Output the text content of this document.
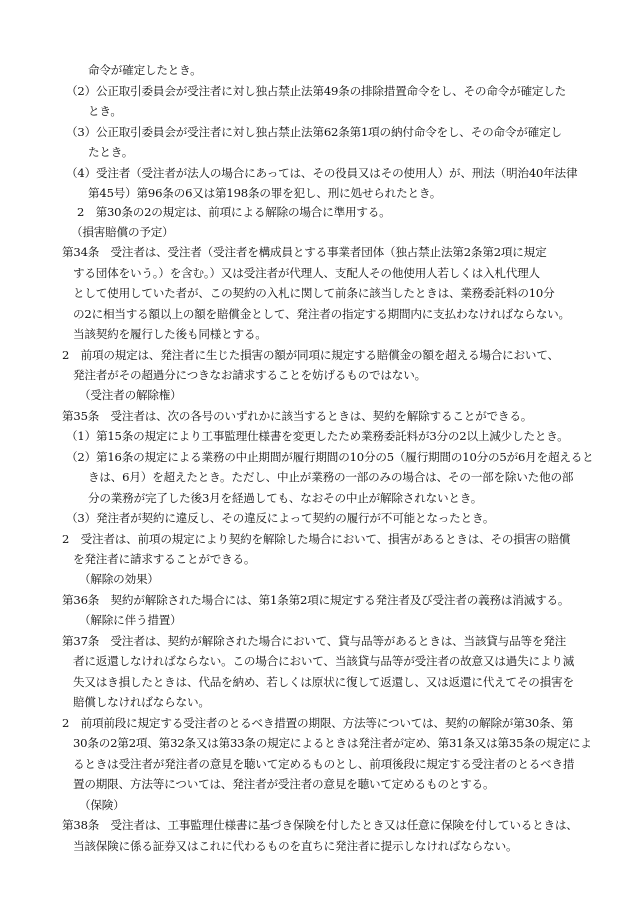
命令が確定したとき。
（2）公正取引委員会が受注者に対し独占禁止法第49条の排除措置命令をし、その命令が確定した
とき。
（3）公正取引委員会が受注者に対し独占禁止法第62条第1項の納付命令をし、その命令が確定し
たとき。
（4）受注者（受注者が法人の場合にあっては、その役員又はその使用人）が、刑法（明治40年法律
第45号）第96条の6又は第198条の罪を犯し、刑に処せられたとき。
2　第30条の2の規定は、前項による解除の場合に準用する。
（損害賠償の予定）
第34条　受注者は、受注者（受注者を構成員とする事業者団体（独占禁止法第2条第2項に規定
する団体をいう。）を含む。）又は受注者が代理人、支配人その他使用人若しくは入札代理人
として使用していた者が、この契約の入札に関して前条に該当したときは、業務委託料の10分
の2に相当する額以上の額を賠償金として、発注者の指定する期間内に支払わなければならない。
当該契約を履行した後も同様とする。
2　前項の規定は、発注者に生じた損害の額が同項に規定する賠償金の額を超える場合において、
発注者がその超過分につきなお請求することを妨げるものではない。
（受注者の解除権）
第35条　受注者は、次の各号のいずれかに該当するときは、契約を解除することができる。
（1）第15条の規定により工事監理仕様書を変更したため業務委託料が3分の2以上減少したとき。
（2）第16条の規定による業務の中止期間が履行期間の10分の5（履行期間の10分の5が6月を超えると
きは、6月）を超えたとき。ただし、中止が業務の一部のみの場合は、その一部を除いた他の部
分の業務が完了した後3月を経過しても、なおその中止が解除されないとき。
（3）発注者が契約に違反し、その違反によって契約の履行が不可能となったとき。
2　受注者は、前項の規定により契約を解除した場合において、損害があるときは、その損害の賠償
を発注者に請求することができる。
（解除の効果）
第36条　契約が解除された場合には、第1条第2項に規定する発注者及び受注者の義務は消滅する。
（解除に伴う措置）
第37条　受注者は、契約が解除された場合において、貸与品等があるときは、当該貸与品等を発注
者に返還しなければならない。この場合において、当該貸与品等が受注者の故意又は過失により滅
失又はき損したときは、代品を納め、若しくは原状に復して返還し、又は返還に代えてその損害を
賠償しなければならない。
2　前項前段に規定する受注者のとるべき措置の期限、方法等については、契約の解除が第30条、第
30条の2第2項、第32条又は第33条の規定によるときは発注者が定め、第31条又は第35条の規定によ
るときは受注者が発注者の意見を聴いて定めるものとし、前項後段に規定する受注者のとるべき措
置の期限、方法等については、発注者が受注者の意見を聴いて定めるものとする。
（保険）
第38条　受注者は、工事監理仕様書に基づき保険を付したとき又は任意に保険を付しているときは、
当該保険に係る証券又はこれに代わるものを直ちに発注者に提示しなければならない。
